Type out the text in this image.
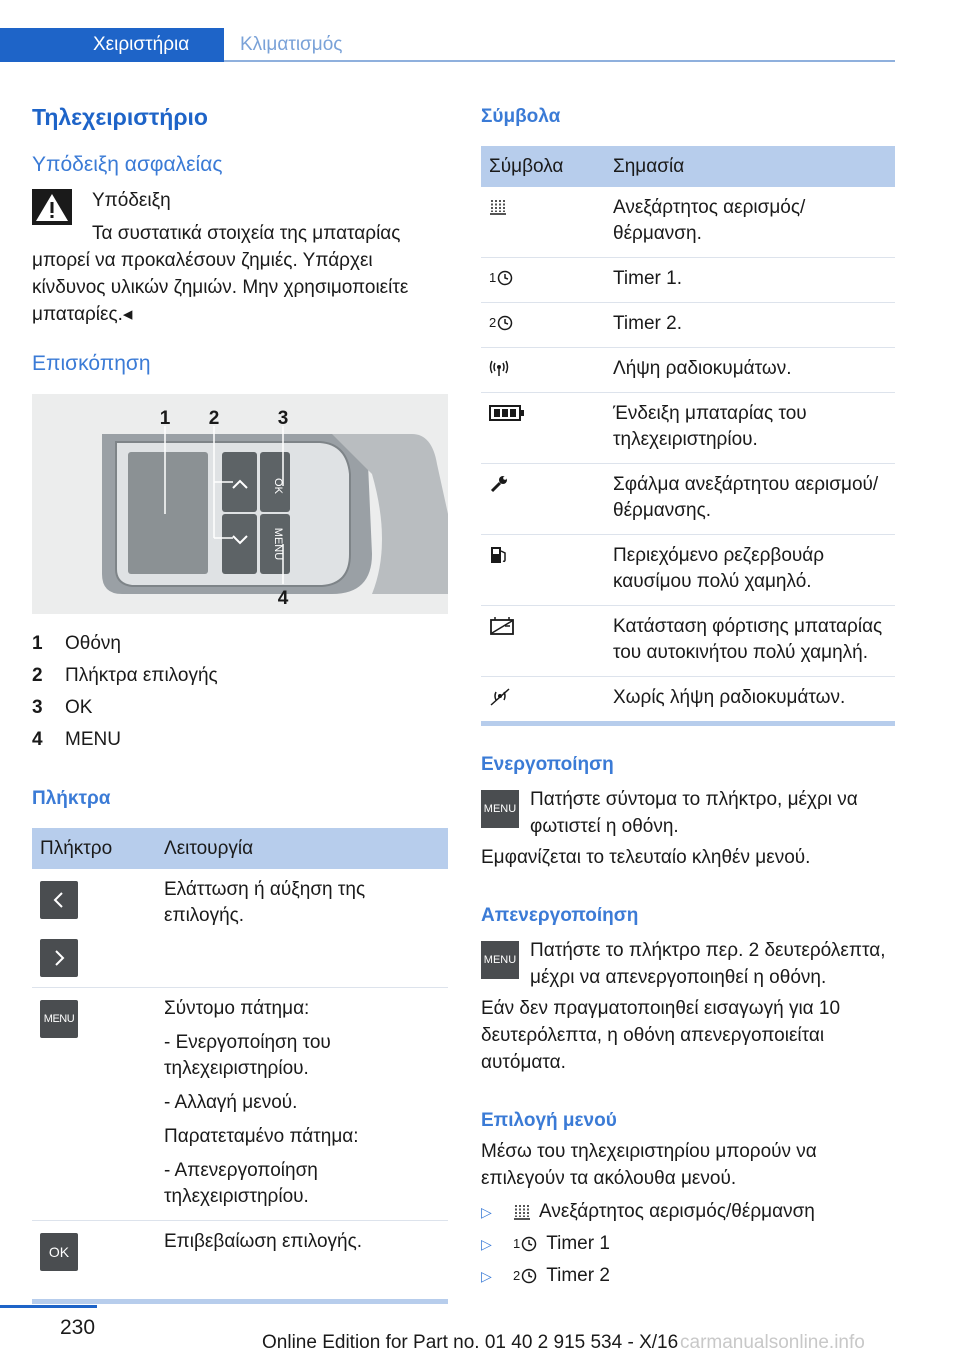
Χειριστήρια	Κλιματισμός
Τηλεχειριστήριο
Υπόδειξη ασφαλείας
Υπόδειξη
Τα συστατικά στοιχεία της μπαταρίας μπορεί να προκαλέσουν ζημιές. Υπάρχει κίνδυνος υλικών ζημιών. Μην χρησιμοποιείτε μπαταρίες.◂
Επισκόπηση
OK
MENU
1 2	3
4
1	Οθόνη
2	Πλήκτρα επιλογής
3	OK
4	MENU
Πλήκτρα
Πλήκτρο	Λειτουργία

	Ελάττωση ή αύξηση της επιλογής.

MENU	Σύντομο πάτημα:
- Ενεργοποίηση του τηλεχειριστηρίου.
- Αλλαγή μενού.
Παρατεταμένο πάτημα:
- Απενεργοποίηση τηλεχειριστηρίου.

OK	Επιβεβαίωση επιλογής.
Σύμβολα
Σύμβολα	Σημασία

	Ανεξάρτητος αερισμός/θέρμανση.

1	Timer 1.

2	Timer 2.

	Λήψη ραδιοκυμάτων.

	Ένδειξη μπαταρίας του τηλεχειριστηρίου.

	Σφάλμα ανεξάρτητου αερισμού/θέρμανσης.

	Περιεχόμενο ρεζερβουάρ καυσίμου πολύ χαμηλό.

	Κατάσταση φόρτισης μπαταρίας του αυτοκινήτου πολύ χαμηλή.

	Χωρίς λήψη ραδιοκυμάτων.
Ενεργοποίηση
MENU Πατήστε σύντομα το πλήκτρο, μέχρι να φωτιστεί η οθόνη.
Εμφανίζεται το τελευταίο κληθέν μενού.
Απενεργοποίηση
MENU Πατήστε το πλήκτρο περ. 2 δευτερόλεπτα, μέχρι να απενεργοποιηθεί η οθόνη.
Εάν δεν πραγματοποιηθεί εισαγωγή για 10 δευτερόλεπτα, η οθόνη απενεργοποιείται αυτόματα.
Επιλογή μενού
Μέσω του τηλεχειριστηρίου μπορούν να επιλεγούν τα ακόλουθα μενού.
▷	Ανεξάρτητος αερισμός/θέρμανση
▷	1 Timer 1
▷	2 Timer 2
230
Online Edition for Part no. 01 40 2 915 534 - X/16 carmanualsonline.info
